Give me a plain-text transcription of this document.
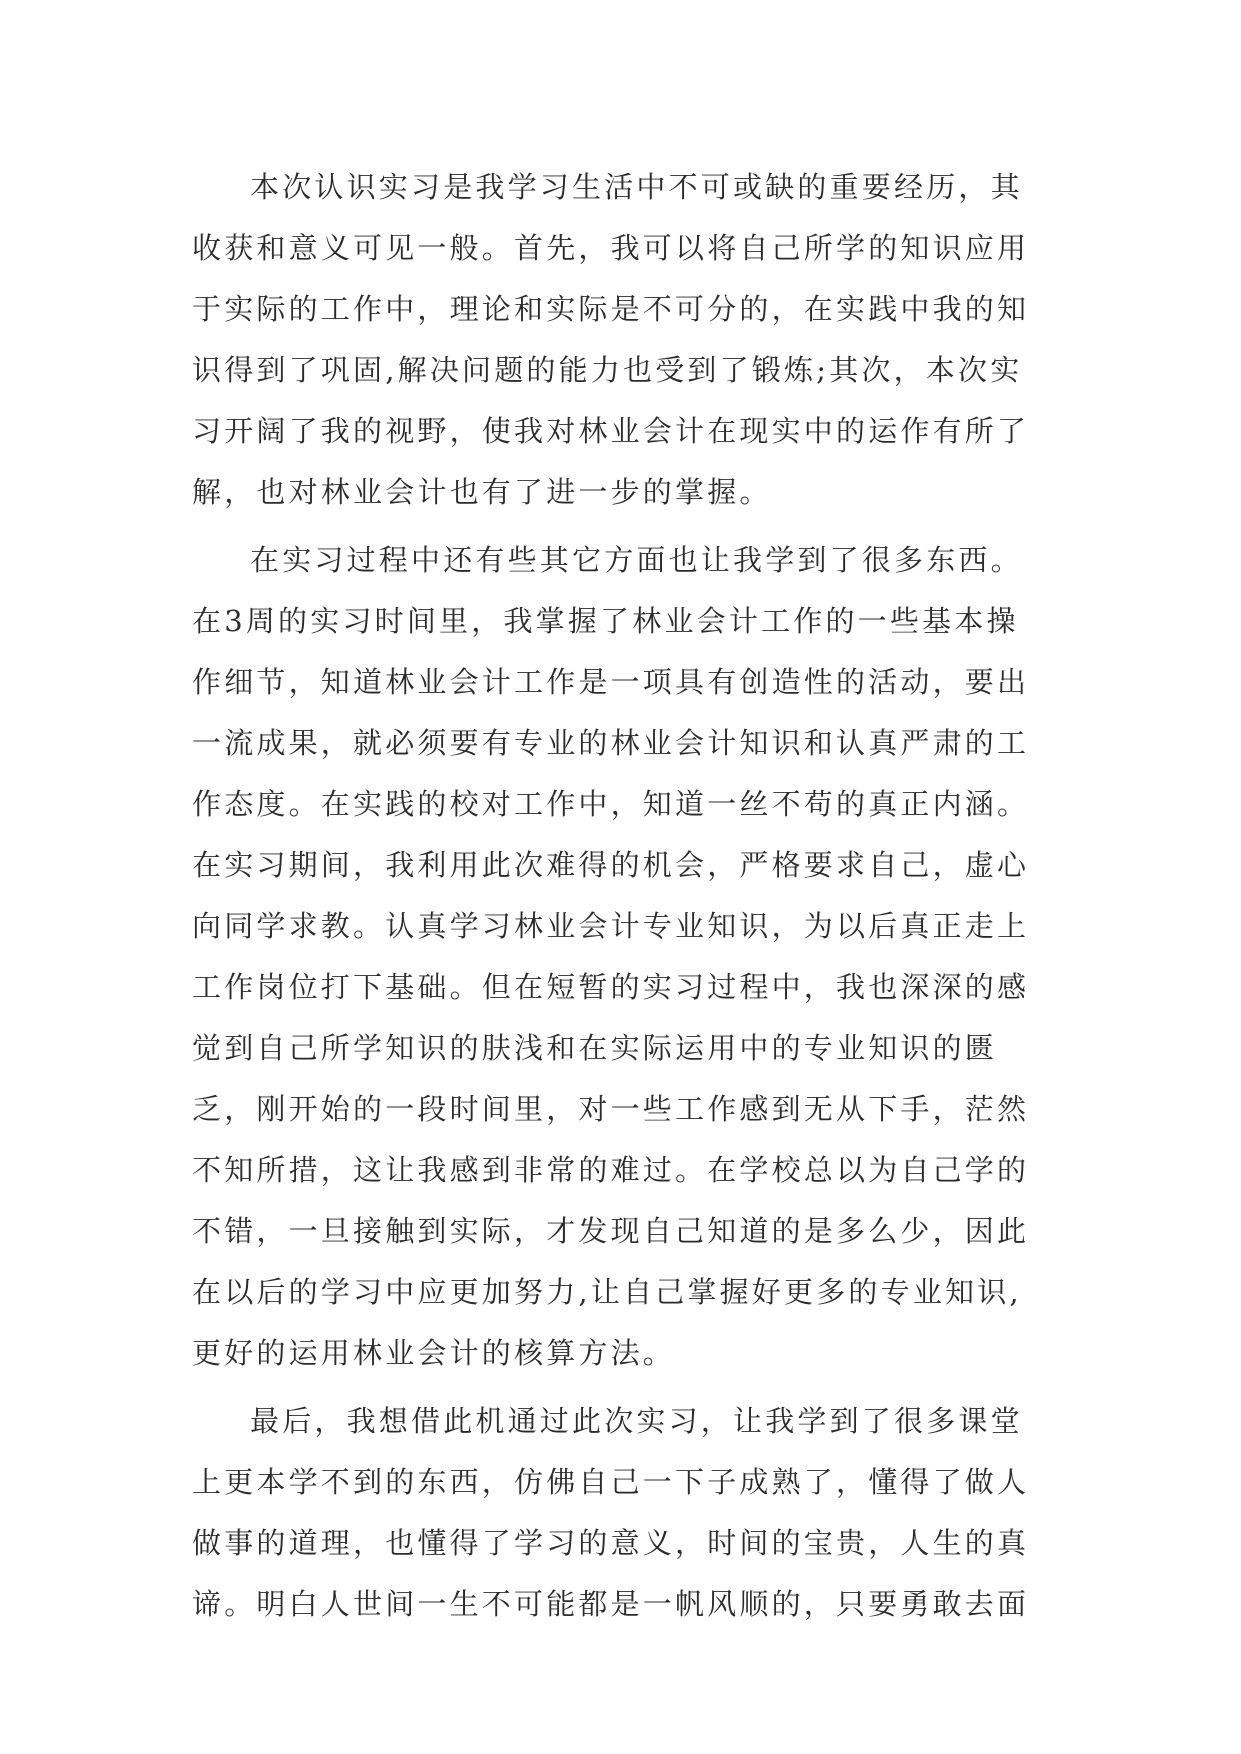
本次认识实习是我学习生活中不可或缺的重要经历，其
收获和意义可见一般。首先，我可以将自己所学的知识应用
于实际的工作中，理论和实际是不可分的，在实践中我的知
识得到了巩固,解决问题的能力也受到了锻炼;其次，本次实
习开阔了我的视野，使我对林业会计在现实中的运作有所了
解，也对林业会计也有了进一步的掌握。
在实习过程中还有些其它方面也让我学到了很多东西。
在3周的实习时间里，我掌握了林业会计工作的一些基本操
作细节，知道林业会计工作是一项具有创造性的活动，要出
一流成果，就必须要有专业的林业会计知识和认真严肃的工
作态度。在实践的校对工作中，知道一丝不苟的真正内涵。
在实习期间，我利用此次难得的机会，严格要求自己，虚心
向同学求教。认真学习林业会计专业知识，为以后真正走上
工作岗位打下基础。但在短暂的实习过程中，我也深深的感
觉到自己所学知识的肤浅和在实际运用中的专业知识的匮
乏，刚开始的一段时间里，对一些工作感到无从下手，茫然
不知所措，这让我感到非常的难过。在学校总以为自己学的
不错，一旦接触到实际，才发现自己知道的是多么少，因此
在以后的学习中应更加努力,让自己掌握好更多的专业知识,
更好的运用林业会计的核算方法。
最后，我想借此机通过此次实习，让我学到了很多课堂
上更本学不到的东西，仿佛自己一下子成熟了，懂得了做人
做事的道理，也懂得了学习的意义，时间的宝贵，人生的真
谛。明白人世间一生不可能都是一帆风顺的，只要勇敢去面
